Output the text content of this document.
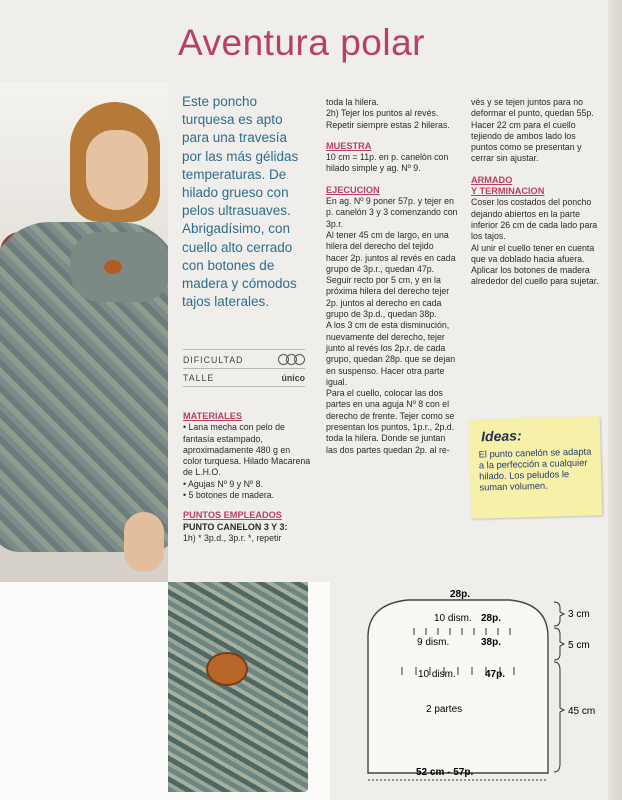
Aventura polar
Este poncho turquesa es apto para una travesía por las más gélidas temperaturas. De hilado grueso con pelos ultrasuaves. Abrigadísimo, con cuello alto cerrado con botones de madera y cómodos tajos laterales.
DIFICULTAD
TALLE	único

MATERIALES

• Lana mecha con pelo de fantasía estampado, aproximadamente 480 g en color turquesa. Hilado Macarena de L.H.O.

• Agujas Nº 9 y Nº 8.

• 5 botones de madera.

PUNTOS EMPLEADOS

PUNTO CANELON 3 Y 3:

1h) * 3p.d., 3p.r. *, repetir

toda la hilera.

2h) Tejer los puntos al revés. Repetir siempre estas 2 hileras.

MUESTRA

10 cm = 11p. en p. canelón con hilado simple y ag. Nº 9.

EJECUCION

En ag. Nº 9 poner 57p. y tejer en p. canelón 3 y 3 comenzando con 3p.r.

Al tener 45 cm de largo, en una hilera del derecho del tejido hacer 2p. juntos al revés en cada grupo de 3p.r., quedan 47p.

Seguir recto por 5 cm, y en la próxima hilera del derecho tejer 2p. juntos al derecho en cada grupo de 3p.d., quedan 38p.

A los 3 cm de esta disminución, nuevamente del derecho, tejer junto al revés los 2p.r. de cada grupo, quedan 28p. que se dejan en suspenso. Hacer otra parte igual.

Para el cuello, colocar las dos partes en una aguja Nº 8 con el derecho de frente. Tejer como se presentan los puntos, 1p.r., 2p.d. toda la hilera. Donde se juntan las dos partes quedan 2p. al re-

vés y se tejen juntos para no deformar el punto, quedan 55p.

Hacer 22 cm para el cuello tejiendo de ambos lado los puntos como se presentan y cerrar sin ajustar.

ARMADO

Y TERMINACION

Coser los costados del poncho dejando abiertos en la parte inferior 26 cm de cada lado para los tajos.

Al unir el cuello tener en cuenta que va doblado hacia afuera.

Aplicar los botones de madera alrededor del cuello para sujetar.

Ideas:
El punto canelón se adapta a la perfección a cualquier hilado. Los peludos le suman volumen.
28p.
10 dism. 28p.
9 dism.	38p.
10 dism.	47p.
2 partes
52 cm - 57p.
3 cm
5 cm
45 cm
